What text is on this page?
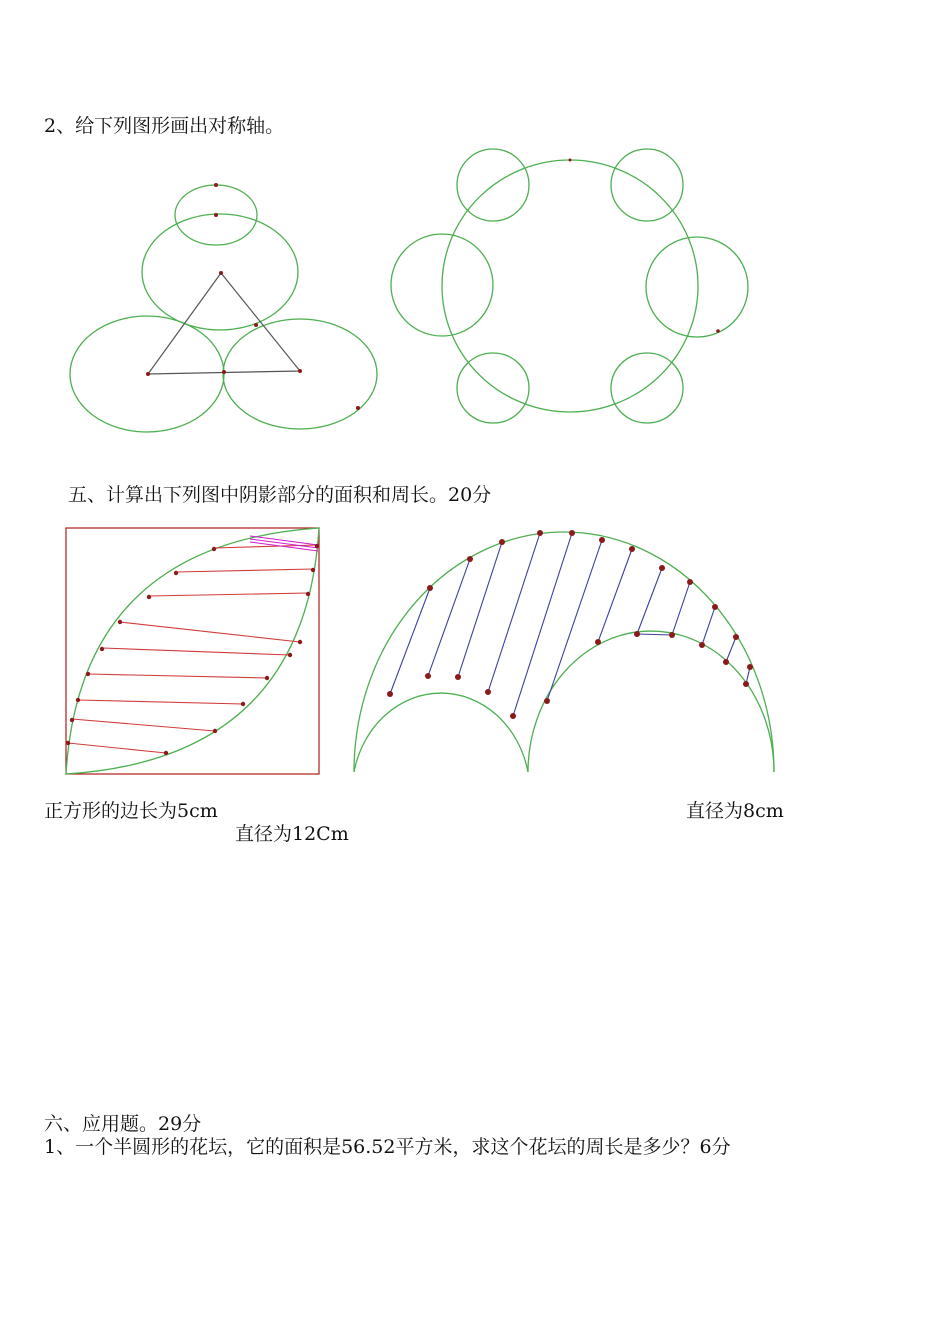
2、给下列图形画出对称轴。
五、计算出下列图中阴影部分的面积和周长。20分
正方形的边长为5cm
直径为12Cm
直径为8cm
六、应用题。29分
1、一个半圆形的花坛，它的面积是56.52平方米，求这个花坛的周长是多少？6分
